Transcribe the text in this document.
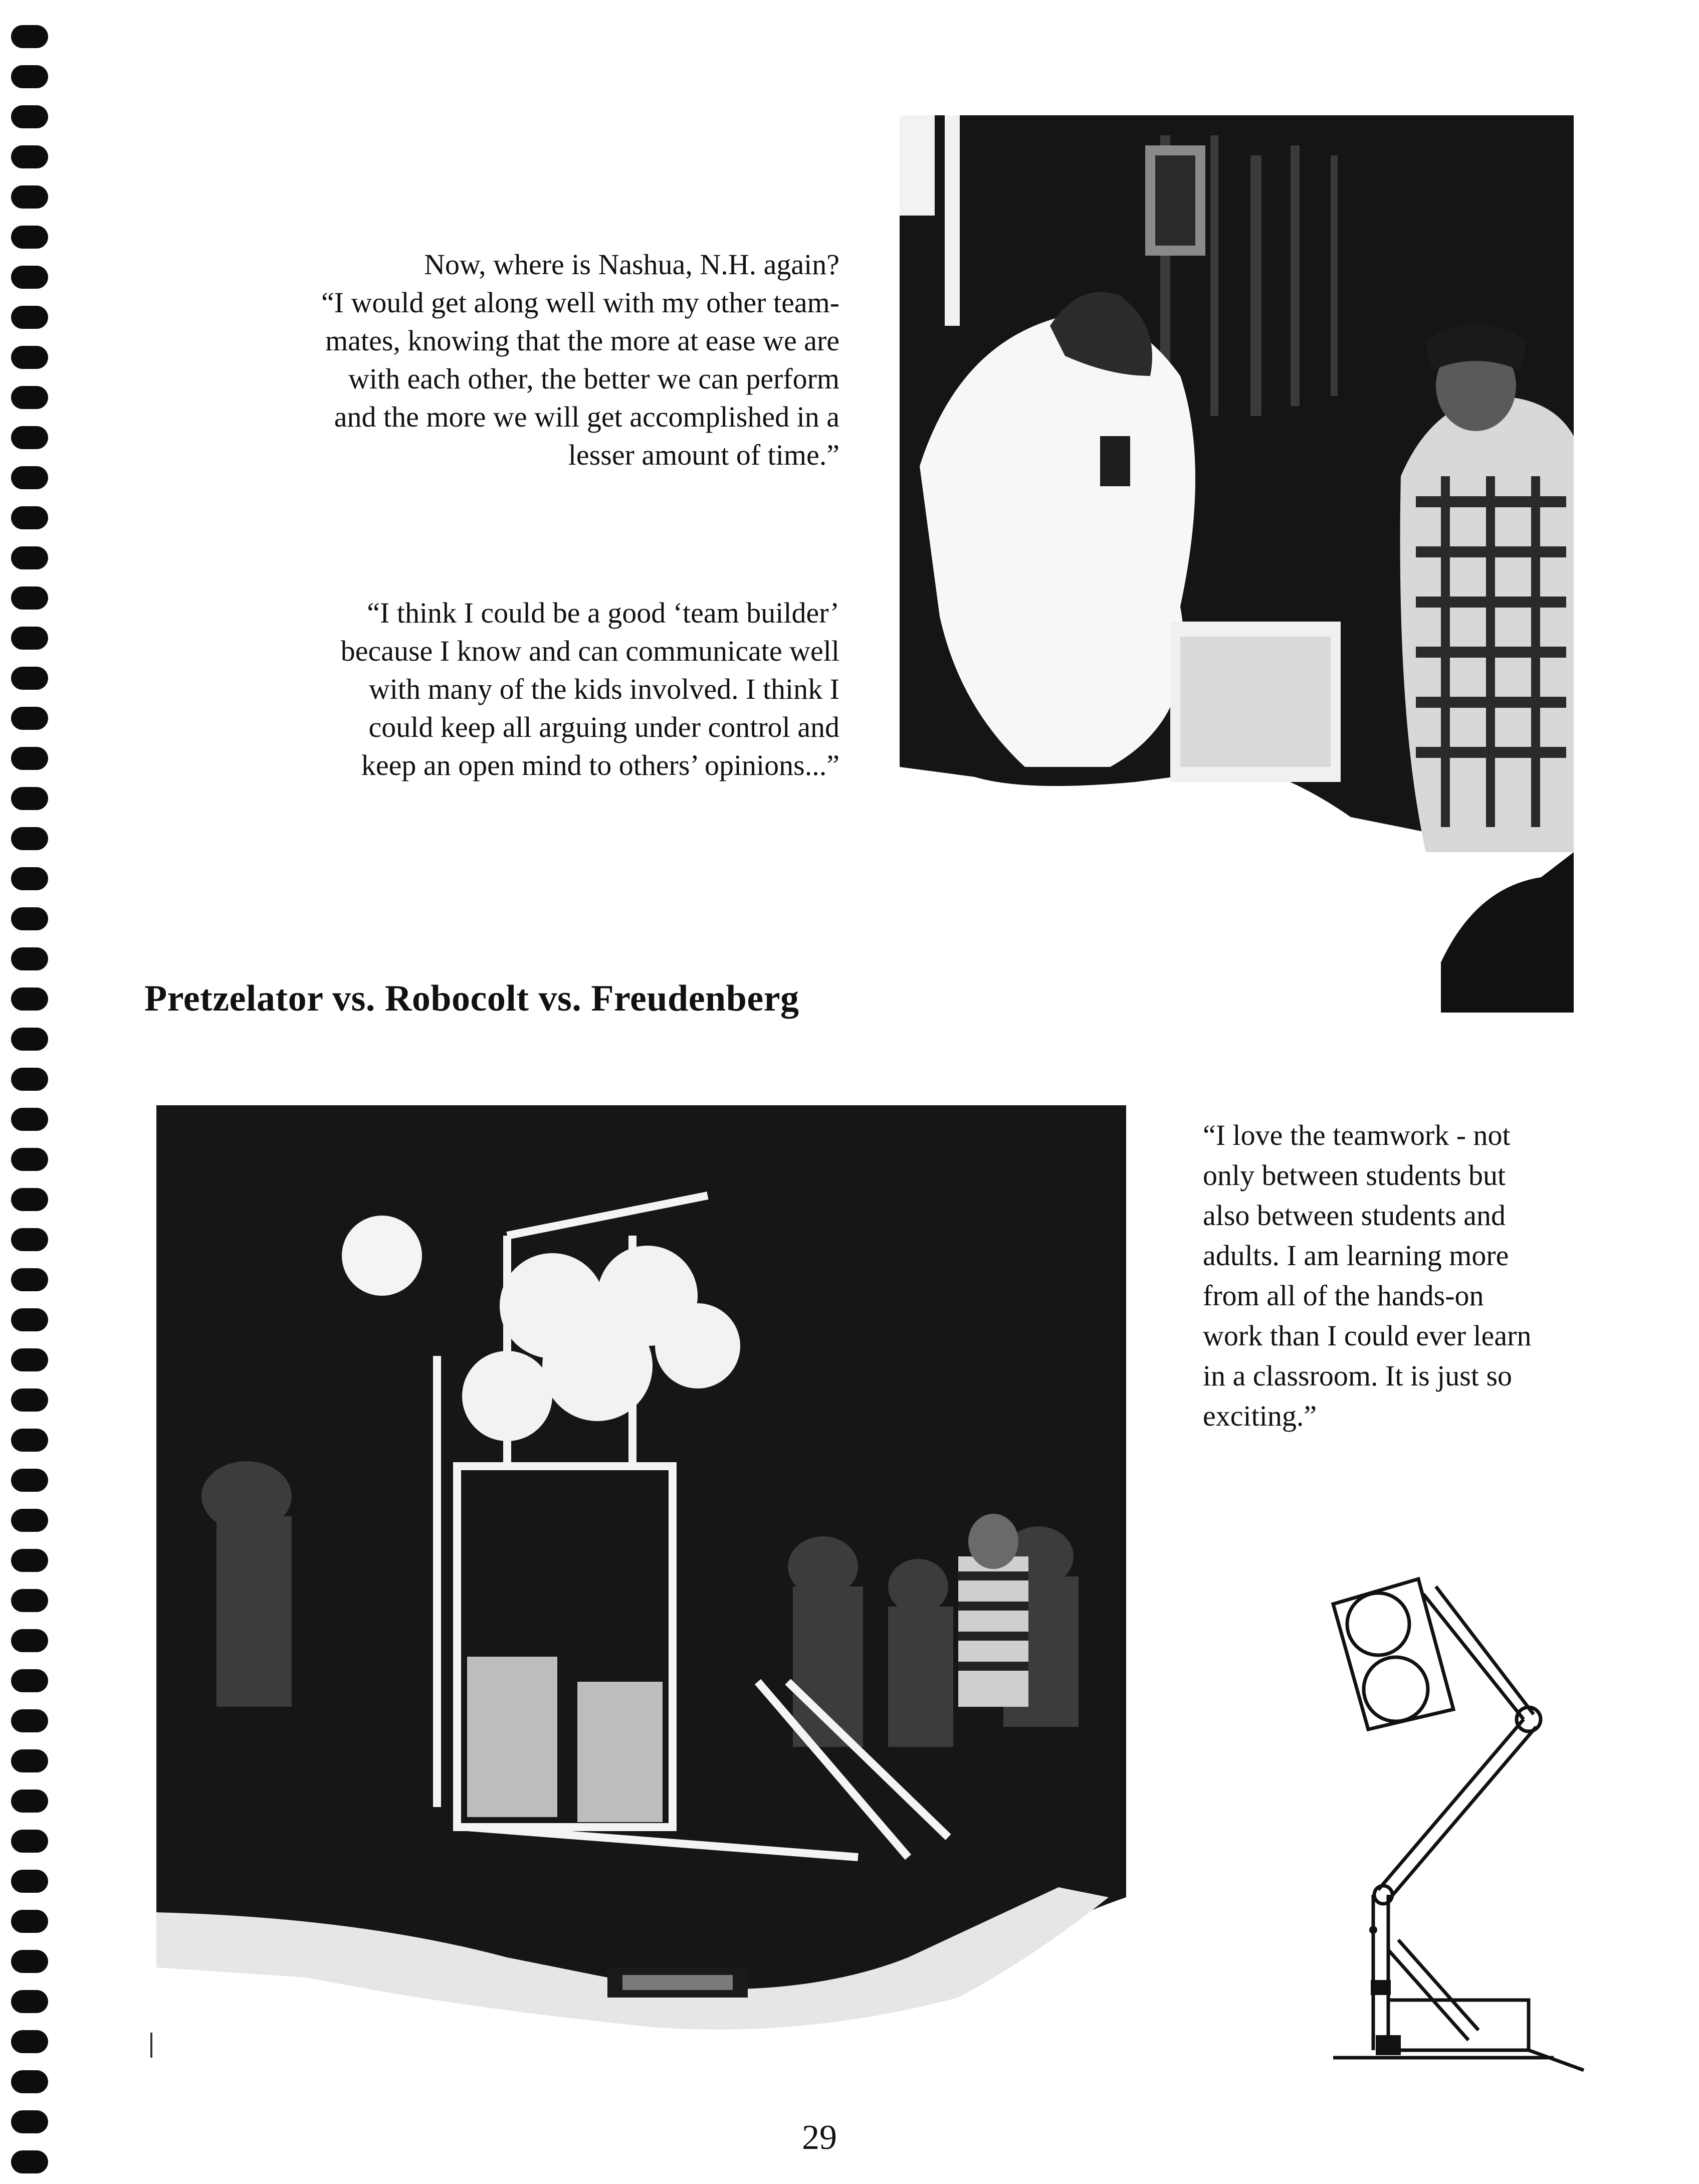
Now, where is Nashua, N.H. again?
“I would get along well with my other team-
mates, knowing that the more at ease we are
with each other, the better we can perform
and the more we will get accomplished in a
lesser amount of time.”
“I think I could be a good ‘team builder’
because I know and can communicate well
with many of the kids involved. I think I
could keep all arguing under control and
keep an open mind to others’ opinions...”
Pretzelator vs. Robocolt vs. Freudenberg
“I love the teamwork - not
only between students but
also between students and
adults. I am learning more
from all of the hands-on
work than I could ever learn
in a classroom. It is just so
exciting.”
29
